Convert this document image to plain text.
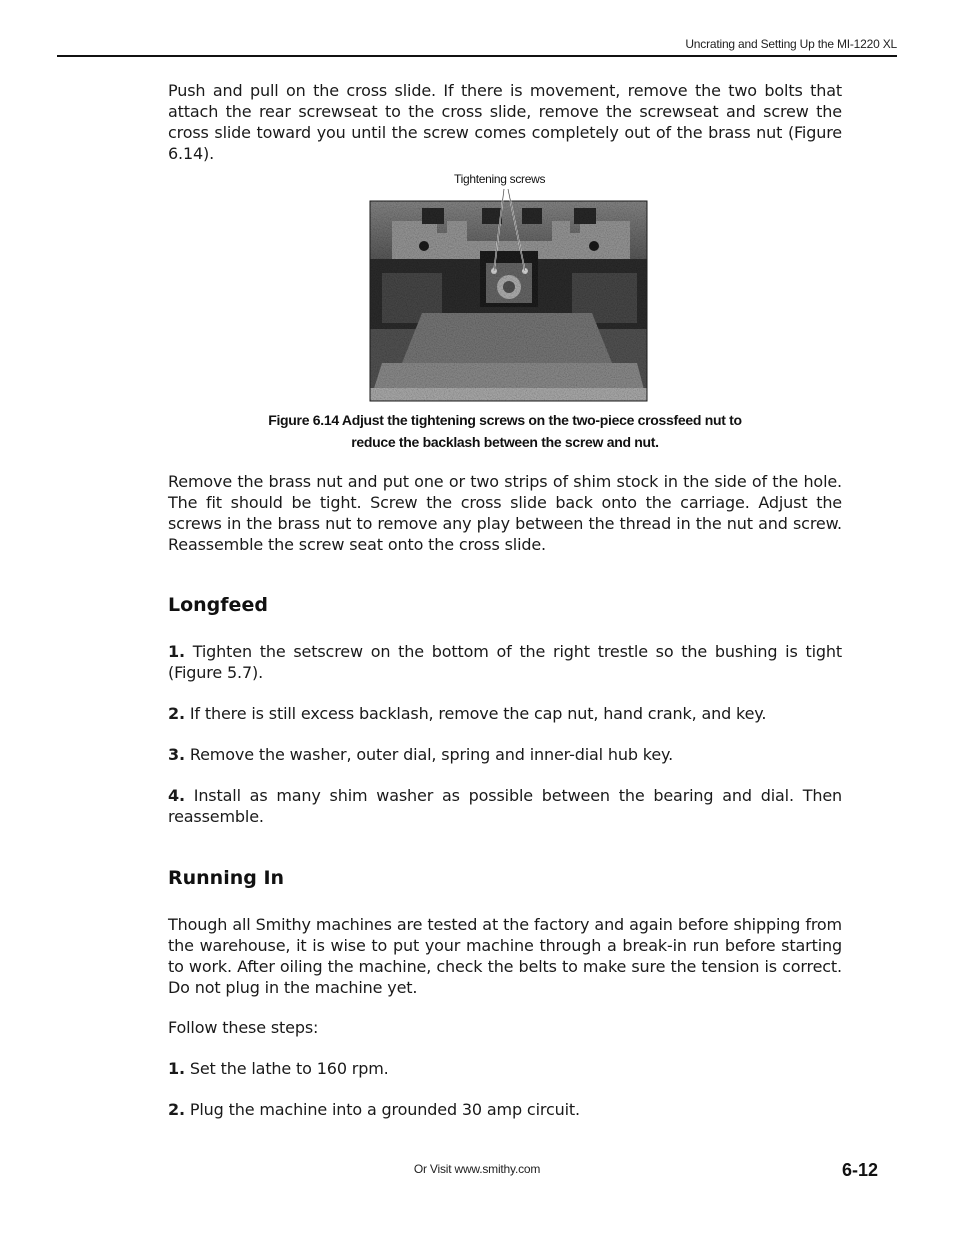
Uncrating and Setting Up the MI-1220 XL

Push and pull on the cross slide. If there is movement, remove the two bolts that attach the rear screwseat to the cross slide, remove the screwseat and screw the cross slide toward you until the screw comes completely out of the brass nut (Figure 6.14).

Tightening screws
Figure 6.14 Adjust the tightening screws on the two-piece crossfeed nut to
reduce the backlash between the screw and nut.

Remove the brass nut and put one or two strips of shim stock in the side of the hole. The fit should be tight. Screw the cross slide back onto the carriage. Adjust the screws in the brass nut to remove any play between the thread in the nut and screw. Reassemble the screw seat onto the cross slide.

Longfeed

1. Tighten the setscrew on the bottom of the right trestle so the bushing is tight (Figure 5.7).

2. If there is still excess backlash, remove the cap nut, hand crank, and key.

3. Remove the washer, outer dial, spring and inner-dial hub key.

4. Install as many shim washer as possible between the bearing and dial. Then reassemble.

Running In

Though all Smithy machines are tested at the factory and again before shipping from the warehouse, it is wise to put your machine through a break-in run before starting to work. After oiling the machine, check the belts to make sure the tension is correct. Do not plug in the machine yet.

Follow these steps:

1. Set the lathe to 160 rpm.

2. Plug the machine into a grounded 30 amp circuit.

Or Visit www.smithy.com	6-12
